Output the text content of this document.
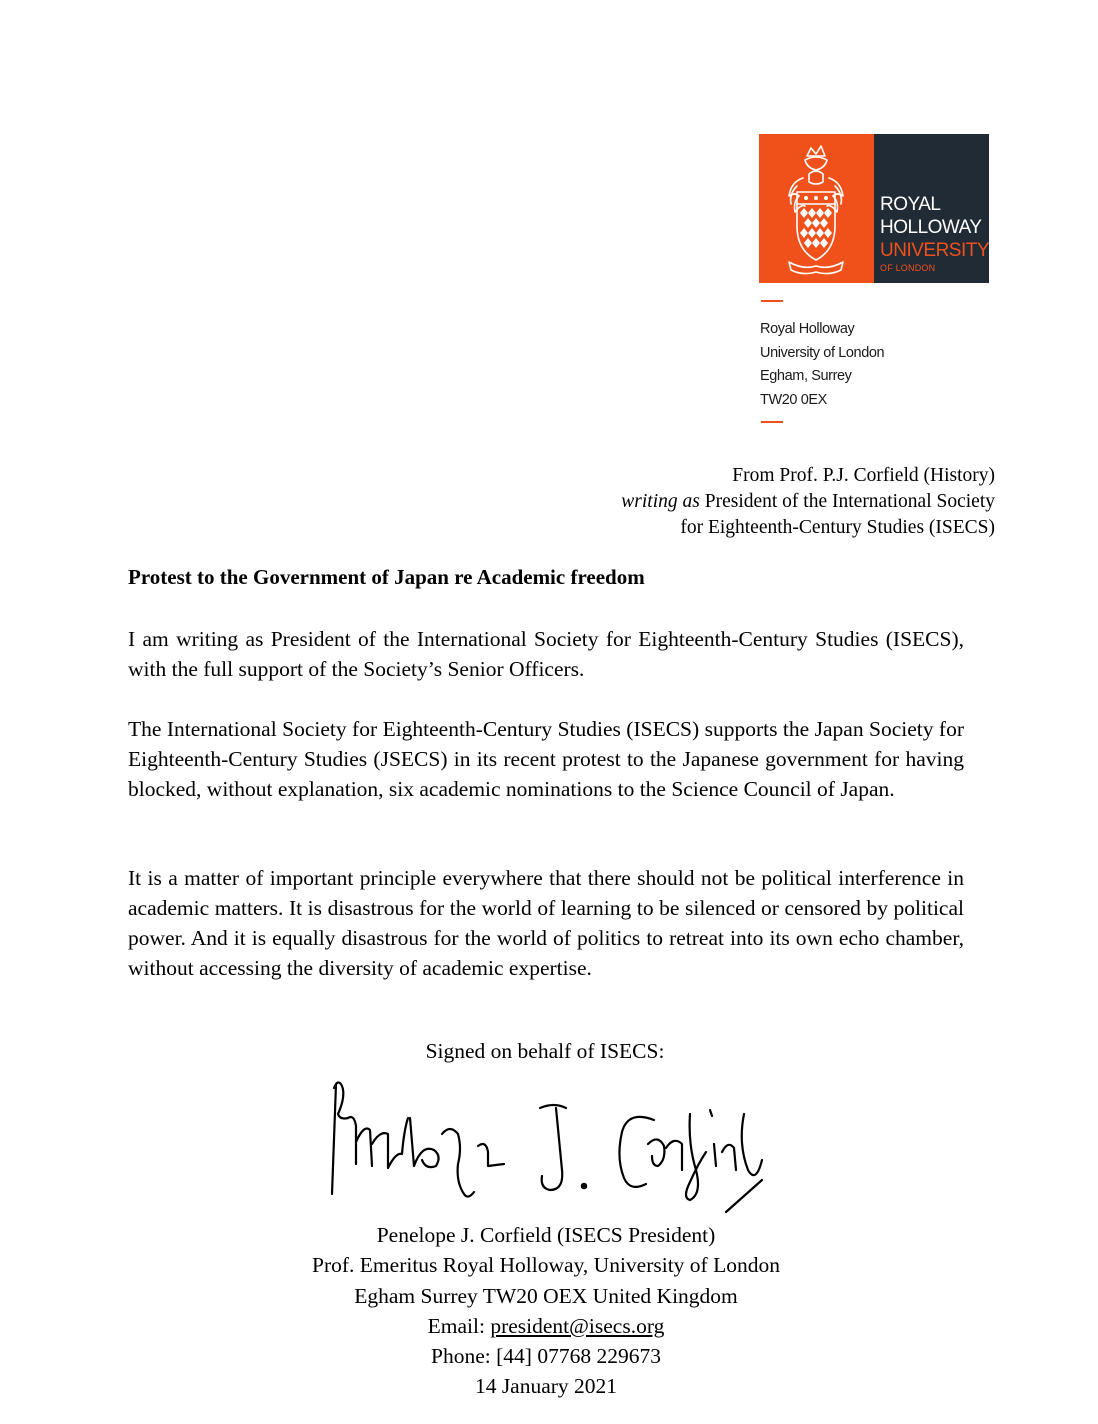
ROYAL
HOLLOWAY
UNIVERSITY
OF LONDON
Royal Holloway
University of London
Egham, Surrey
TW20 0EX
From Prof. P.J. Corfield (History)
writing as President of the International Society
for Eighteenth-Century Studies (ISECS)
Protest to the Government of Japan re Academic freedom
I am writing as President of the International Society for Eighteenth-Century Studies (ISECS), with the full support of the Society’s Senior Officers.
The International Society for Eighteenth-Century Studies (ISECS) supports the Japan Society for Eighteenth-Century Studies (JSECS) in its recent protest to the Japanese government for having blocked, without explanation, six academic nominations to the Science Council of Japan.
It is a matter of important principle everywhere that there should not be political interference in academic matters. It is disastrous for the world of learning to be silenced or censored by political power. And it is equally disastrous for the world of politics to retreat into its own echo chamber, without accessing the diversity of academic expertise.
Signed on behalf of ISECS:
Penelope J. Corfield (ISECS President)
Prof. Emeritus Royal Holloway, University of London
Egham Surrey TW20 OEX United Kingdom
Email: president@isecs.org
Phone: [44] 07768 229673
14 January 2021
